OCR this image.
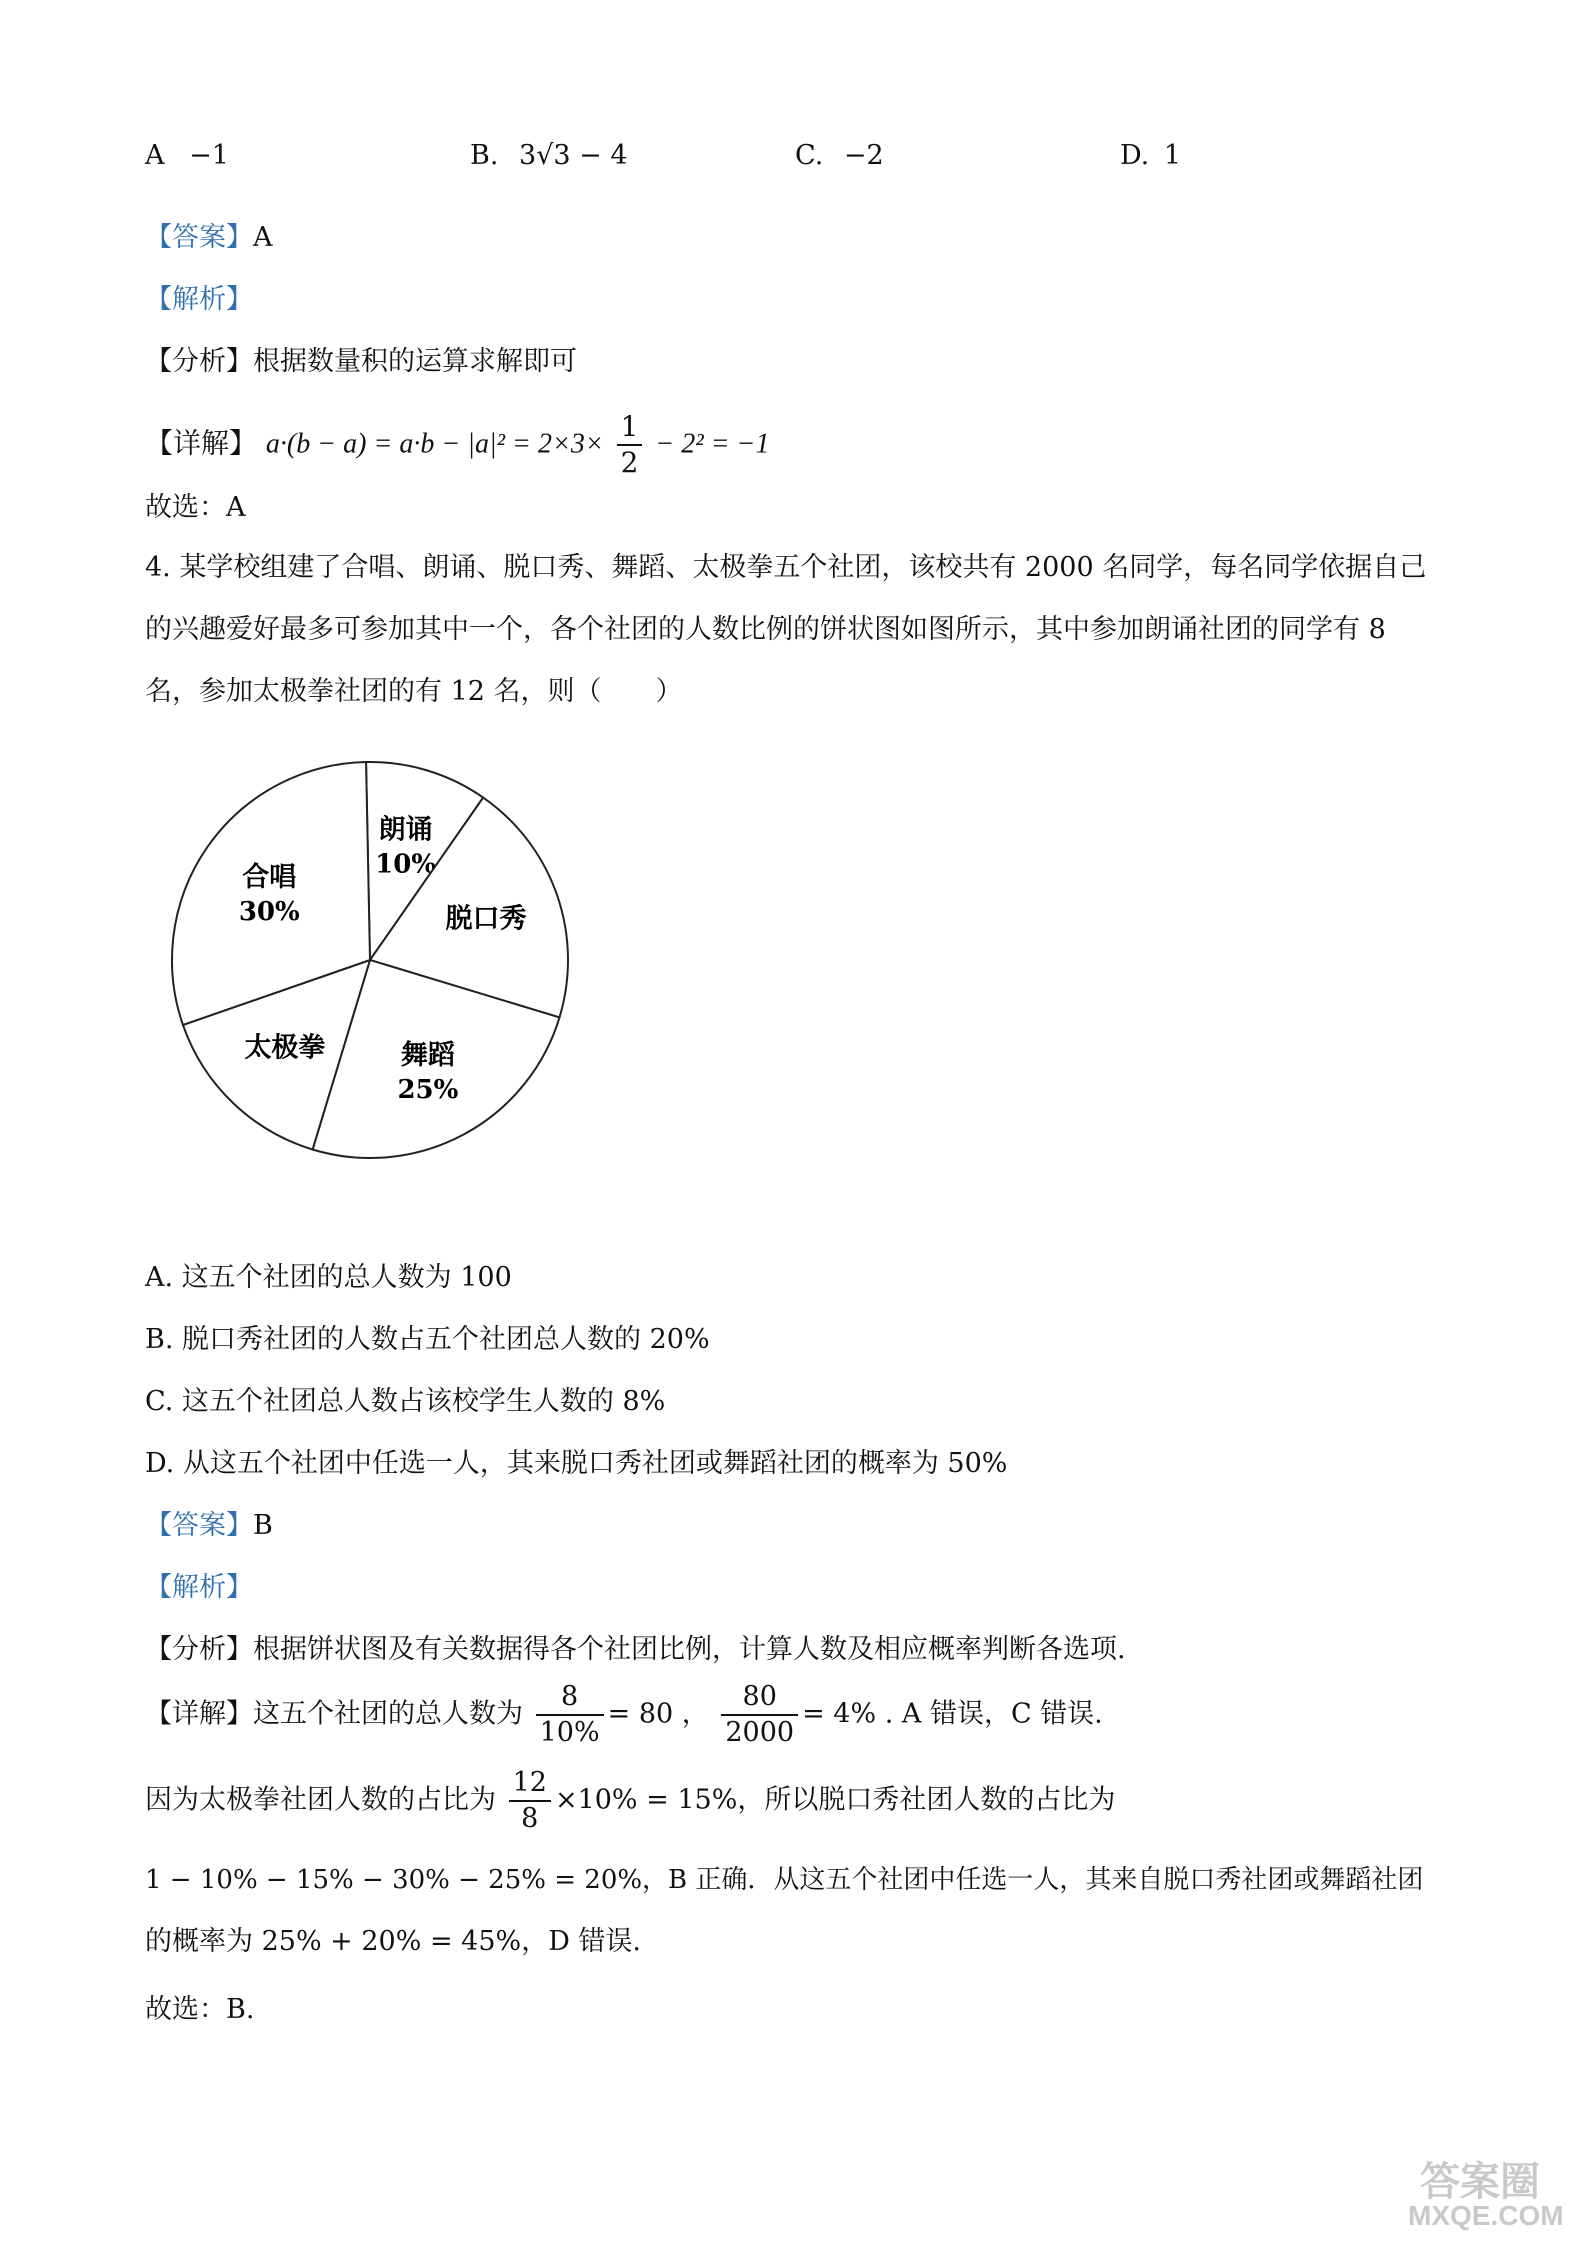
A −1	B. 3√3 − 4	C. −2	D. 1
【答案】A
【解析】
【分析】根据数量积的运算求解即可
【详解】 $a\cdot(b - a) = a\cdot b - |a|^2 = 2\times 3\times \frac{1}{2} - 2^2 = -1$
故选：A
4. 某学校组建了合唱、朗诵、脱口秀、舞蹈、太极拳五个社团，该校共有 2000 名同学，每名同学依据自己
的兴趣爱好最多可参加其中一个，各个社团的人数比例的饼状图如图所示，其中参加朗诵社团的同学有 8
名，参加太极拳社团的有 12 名，则（　　）
朗诵
10%
脱口秀
舞蹈
25%
太极拳
合唱
30%
A. 这五个社团的总人数为 100
B. 脱口秀社团的人数占五个社团总人数的 20%
C. 这五个社团总人数占该校学生人数的 8%
D. 从这五个社团中任选一人，其来脱口秀社团或舞蹈社团的概率为 50%
【答案】B
【解析】
【分析】根据饼状图及有关数据得各个社团比例，计算人数及相应概率判断各选项.
【详解】这五个社团的总人数为 $\frac{8}{10\%} = 80$ ， $\frac{80}{2000} = 4\%$ . A 错误，C 错误.
因为太极拳社团人数的占比为 $\frac{12}{8} \times 10\% = 15\%$，所以脱口秀社团人数的占比为
1 − 10% − 15% − 30% − 25% = 20%，B 正确．从这五个社团中任选一人，其来自脱口秀社团或舞蹈社团
的概率为 25% + 20% = 45%，D 错误.
故选：B.
答案圈
MXQE.COM
